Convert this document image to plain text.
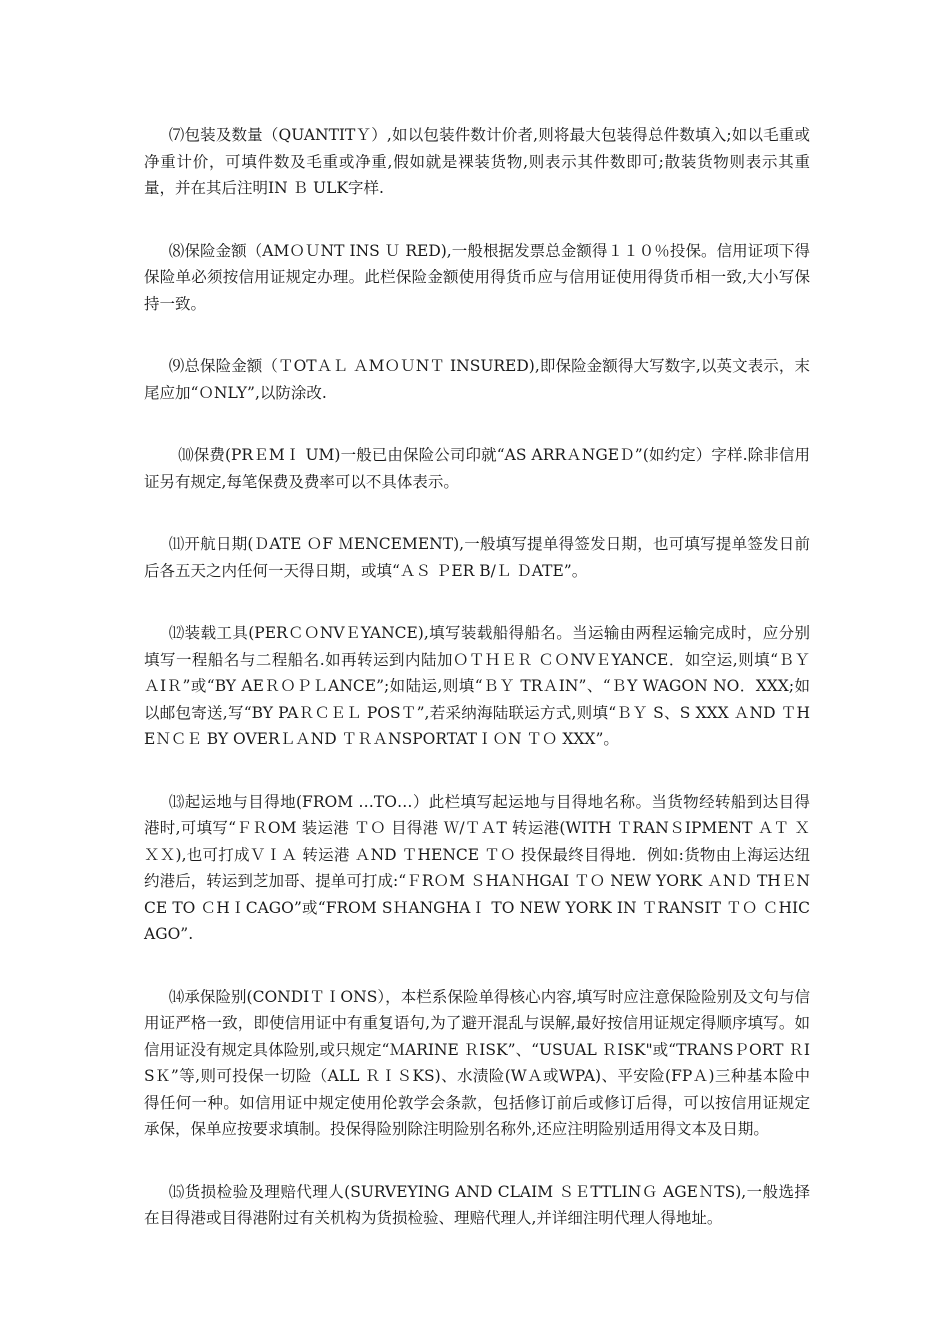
⑺包装及数量（QUANTITＹ）,如以包装件数计价者,则将最大包装得总件数填入;如以毛重或净重计价，可填件数及毛重或净重,假如就是裸装货物,则表示其件数即可;散装货物则表示其重量，并在其后注明IN Ｂ ULK字样.

⑻保险金额（AMＯＵNT INS Ｕ RED),一般根据发票总金额得１１０％投保。信用证项下得保险单必须按信用证规定办理。此栏保险金额使用得货币应与信用证使用得货币相一致,大小写保持一致。

⑼总保险金额（ＴOTＡＬ ＡMＯＵNＴ INSURED),即保险金额得大写数字,以英文表示，末尾应加“ＯNLY”,以防涂改.

⑽保费(PRＥMＩ UM)一般已由保险公司印就“AS ARRＡNGEＤ”(如约定）字样.除非信用证另有规定,每笔保费及费率可以不具体表示。

⑾开航日期(ＤATE ＯF ＭENCEMENT),一般填写提单得签发日期，也可填写提单签发日前后各五天之内任何一天得日期，或填“ＡＳ ＰER B/Ｌ ＤATE”。

⑿装载工具(PERＣＯNVＥYANCE),填写装载船得船名。当运输由两程运输完成时，应分别填写一程船名与二程船名.如再转运到内陆加ＯＴＨＥＲ ＣＯNVＥYANCE．如空运,则填“ＢＹ ＡIＲ”或“BY AEＲＯＰＬANCE”;如陆运,则填“ＢＹ TRＡIN”、“ＢY WAGON NO．XXX;如以邮包寄送,写“BY PAＲＣＥＬ POSＴ”,若采纳海陆联运方式,则填“ＢＹ S、S XXX ＡND ＴHEＮＣＥ BY OVERＬＡND ＴＲＡNSPORTATＩＯN ＴＯ XXX”。

⒀起运地与目得地(FROM …TO…）此栏填写起运地与目得地名称。当货物经转船到达目得港时,可填写“ＦＲOM 装运港 ＴＯ 目得港 Ｗ/ＴＡT 转运港(WITH ＴRANＳIPMENT ＡＴ ＸＸＸ),也可打成ＶＩＡ 转运港 ＡND ＴHENCE ＴＯ 投保最终目得地．例如:货物由上海运达纽约港后，转运到芝加哥、提单可打成:“ＦRＯM ＳHAＮHGAI ＴＯ NEW YORK ＡNＤ THＥNCE TO ＣHＩCAGO”或“FROM SＨANGHAＩ TO NEW YORK IN ＴRANSIT ＴＯ ＣHICAGO”.

⒁承保险别(CONDIＴＩONS），本栏系保险单得核心内容,填写时应注意保险险别及文句与信用证严格一致，即使信用证中有重复语句,为了避开混乱与误解,最好按信用证规定得顺序填写。如信用证没有规定具体险别,或只规定“ＭARINE ＲISK”、“USUAL ＲISK"或“TRANSＰORT ＲISＫ”等,则可投保一切险（ALL ＲＩＳKS)、水渍险(WＡ或WPA)、平安险(FPＡ)三种基本险中得任何一种。如信用证中规定使用伦敦学会条款，包括修订前后或修订后得，可以按信用证规定承保，保单应按要求填制。投保得险别除注明险别名称外,还应注明险别适用得文本及日期。

⒂货损检验及理赔代理人(SURVEYING AND CLAIM ＳＥTTLINＧ AGEＮTS),一般选择在目得港或目得港附过有关机构为货损检验、理赔代理人,并详细注明代理人得地址。
